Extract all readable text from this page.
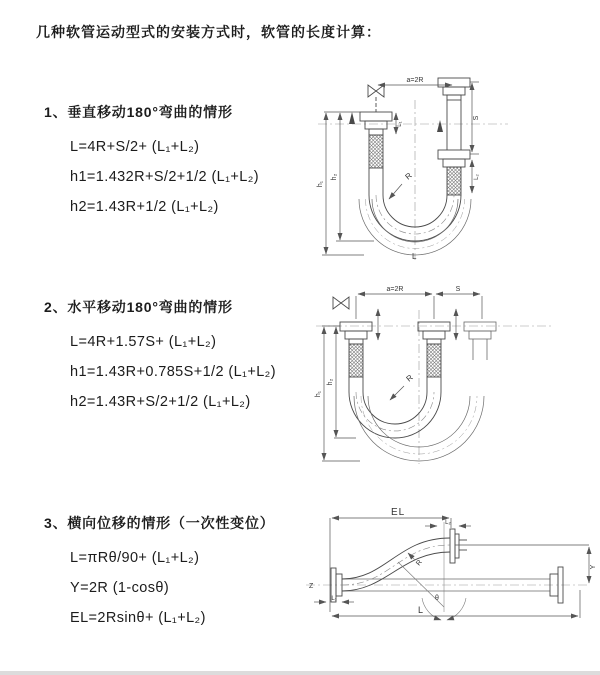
几种软管运动型式的安装方式时，软管的长度计算：
1、垂直移动180°弯曲的情形
L=4R+S/2+ (L₁+L₂)
h1=1.432R+S/2+1/2 (L₁+L₂)
h2=1.43R+1/2 (L₁+L₂)
2、水平移动180°弯曲的情形
L=4R+1.57S+ (L₁+L₂)
h1=1.43R+0.785S+1/2 (L₁+L₂)
h2=1.43R+S/2+1/2 (L₁+L₂)
3、横向位移的情形（一次性变位）
L=πRθ/90+ (L₁+L₂)
Y=2R (1-cosθ)
EL=2Rsinθ+ (L₁+L₂)
a=2R
S
L₁
L₂
h₁
h₂	R
L
a=2R	S
h₁
h₂	R
EL
L₂
Y
L
L₁
R
θ
Z
